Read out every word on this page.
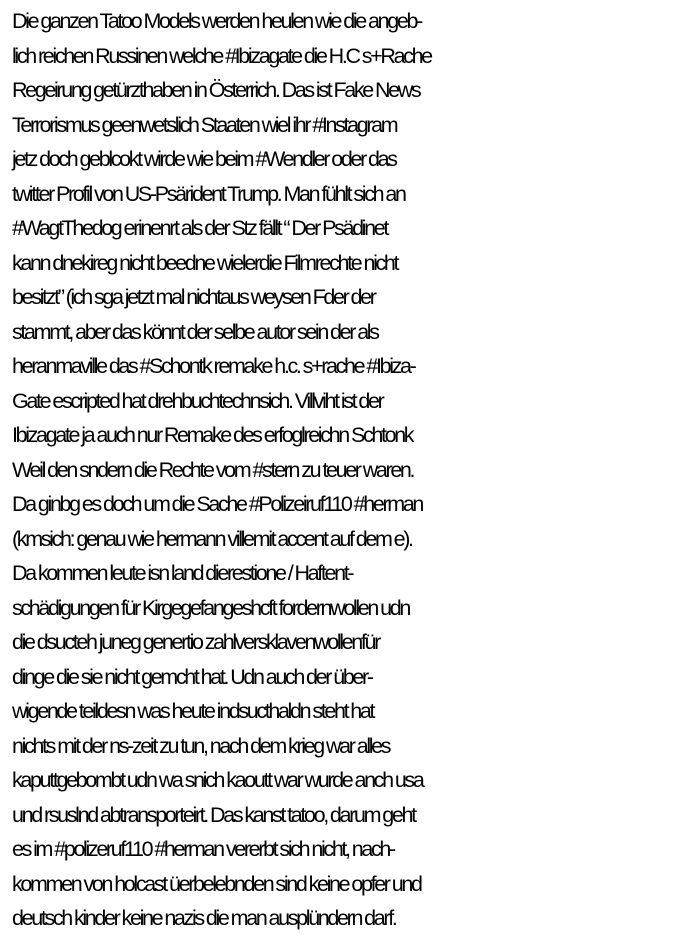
Die ganzen Tatoo Models werden heulen wie die angeb-
lich reichen Russinen welche #Ibizagate die H.C s+Rache
Regeirung getürzthaben in Österrich. Das ist Fake News
Terrorismus geenwetslich Staaten wiel ihr #Instagram
jetz doch geblcokt wirde wie beim #Wendler oder das
twitter Profil von US-Psärident Trump. Man fühlt sich an
#WagtThedog erinenrt als der Stz fällt “ Der Psädinet
kann dnekireg nicht beedne wielerdie Filmrechte nicht
besitzt” (ich sga jetzt mal nichtaus weysen Fder der
stammt, aber das könnt der selbe autor sein der als
heranmaville das #Schontk remake h.c. s+rache #Ibiza-
Gate escripted hat drehbuchtechnsich. Villviht ist der
Ibizagate ja auch nur Remake des erfoglreichn Schtonk
Weil den sndern die Rechte vom #stern zu teuer waren.
Da ginbg es doch um die Sache #Polizeiruf110 #herman
(kmsich: genau wie hermann villemit accent auf dem e).
Da kommen leute isn land dierestione / Haftent-
schädigungen für Kirgegefangeshcft fordernwollen udn
die dsucteh juneg genertio zahlversklavenwollenfür
dinge die sie nicht gemcht hat. Udn auch der über-
wigende teildesn was heute indsucthaldn steht hat
nichts mit der ns-zeit zu tun, nach dem krieg war alles
kaputtgebombt udn wa snich kaoutt war wurde anch usa
und rsuslnd abtransporteirt. Das kanst tatoo, darum geht
es im #polizeruf110 #herman vererbt sich nicht, nach-
kommen von holcast üerbelebnden sind keine opfer und
deutsch kinder keine nazis die man ausplündern darf.
